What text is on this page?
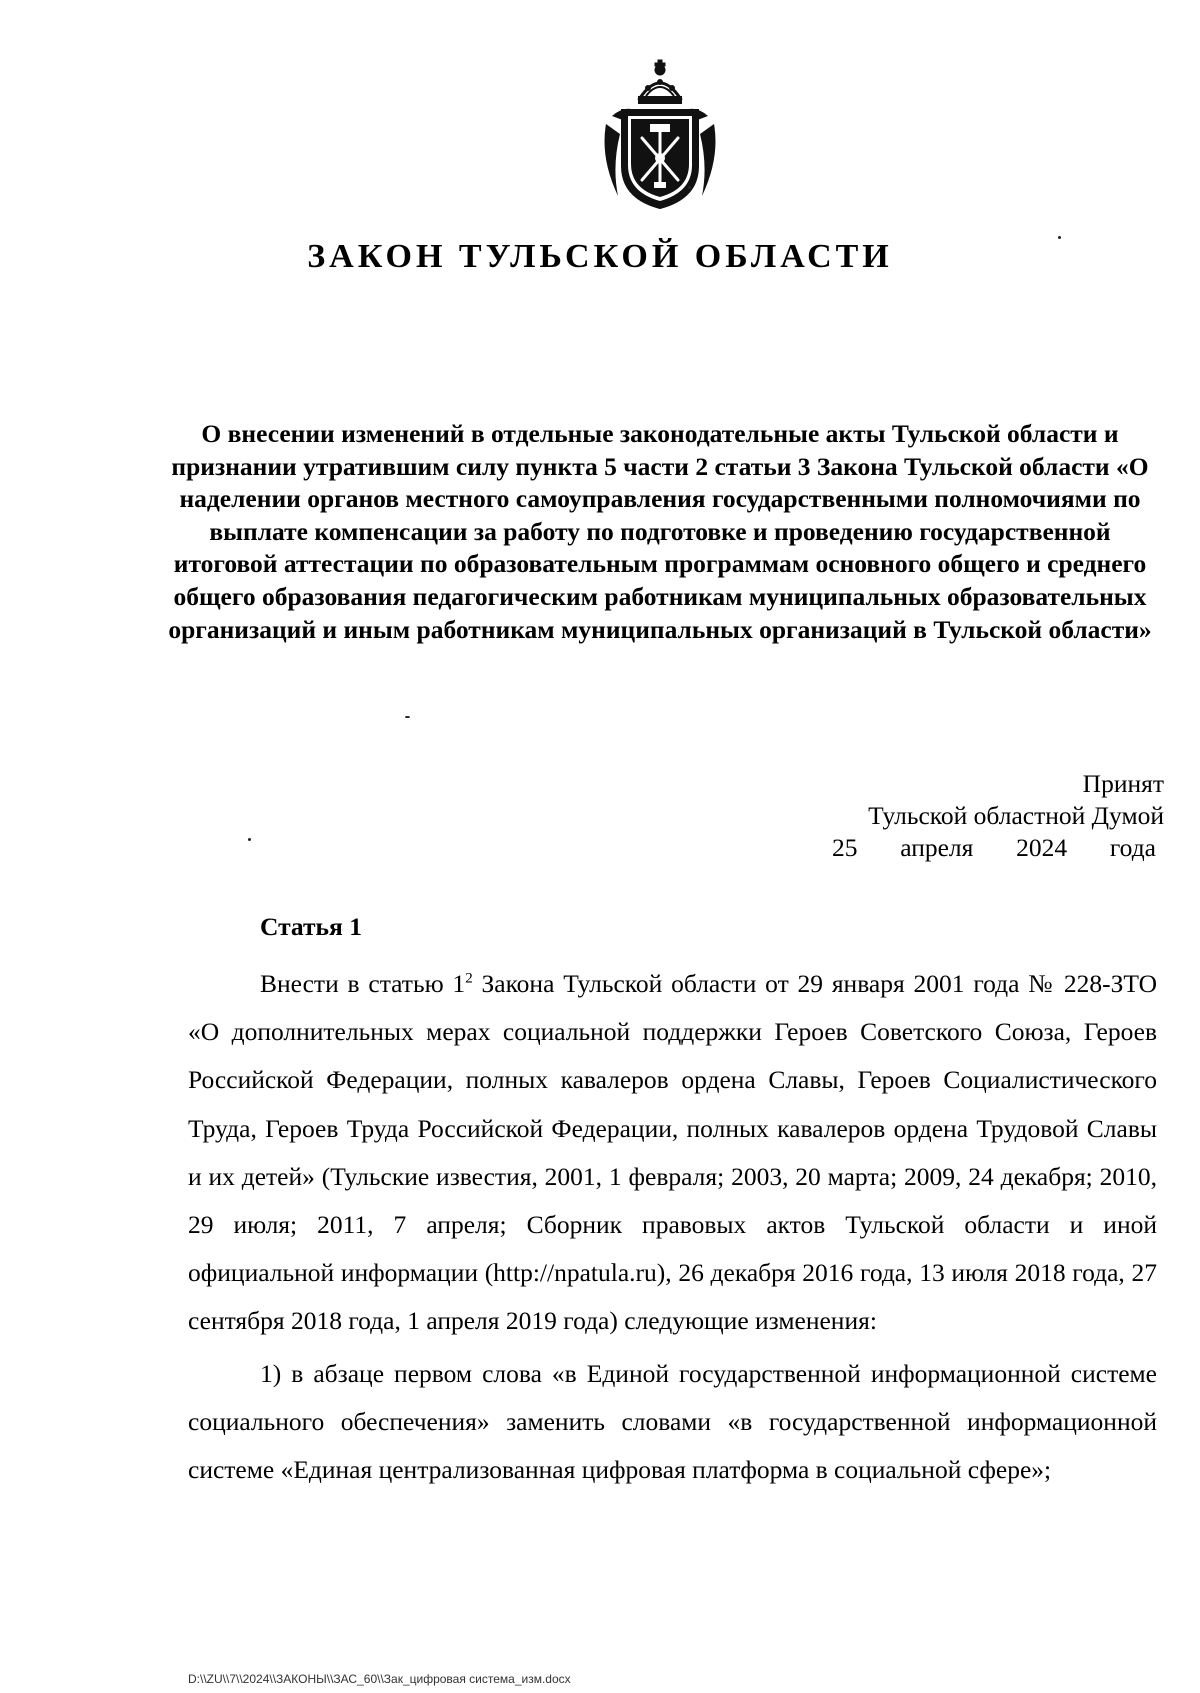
ЗАКОН ТУЛЬСКОЙ ОБЛАСТИ
О внесении изменений в отдельные законодательные акты Тульской области и признании утратившим силу пункта 5 части 2 статьи 3 Закона Тульской области «О наделении органов местного самоуправления государственными полномочиями по выплате компенсации за работу по подготовке и проведению государственной итоговой аттестации по образовательным программам основного общего и среднего общего образования педагогическим работникам муниципальных образовательных организаций и иным работникам муниципальных организаций в Тульской области»
Принят
Тульской областной Думой
25 апреля 2024 года
Статья 1

Внести в статью $1^2$ Закона Тульской области от 29 января 2001 года № 228-ЗТО «О дополнительных мерах социальной поддержки Героев Советского Союза, Героев Российской Федерации, полных кавалеров ордена Славы, Героев Социалистического Труда, Героев Труда Российской Федерации, полных кавалеров ордена Трудовой Славы и их детей» (Тульские известия, 2001, 1 февраля; 2003, 20 марта; 2009, 24 декабря; 2010, 29 июля; 2011, 7 апреля; Сборник правовых актов Тульской области и иной официальной информации (http://npatula.ru), 26 декабря 2016 года, 13 июля 2018 года, 27 сентября 2018 года, 1 апреля 2019 года) следующие изменения:

1) в абзаце первом слова «в Единой государственной информационной системе социального обеспечения» заменить словами «в государственной информационной системе «Единая централизованная цифровая платформа в социальной сфере»;

D:\\ZU\\7\\2024\\ЗАКОНЫ\\ЗАС_60\\Зак_цифровая система_изм.docx
